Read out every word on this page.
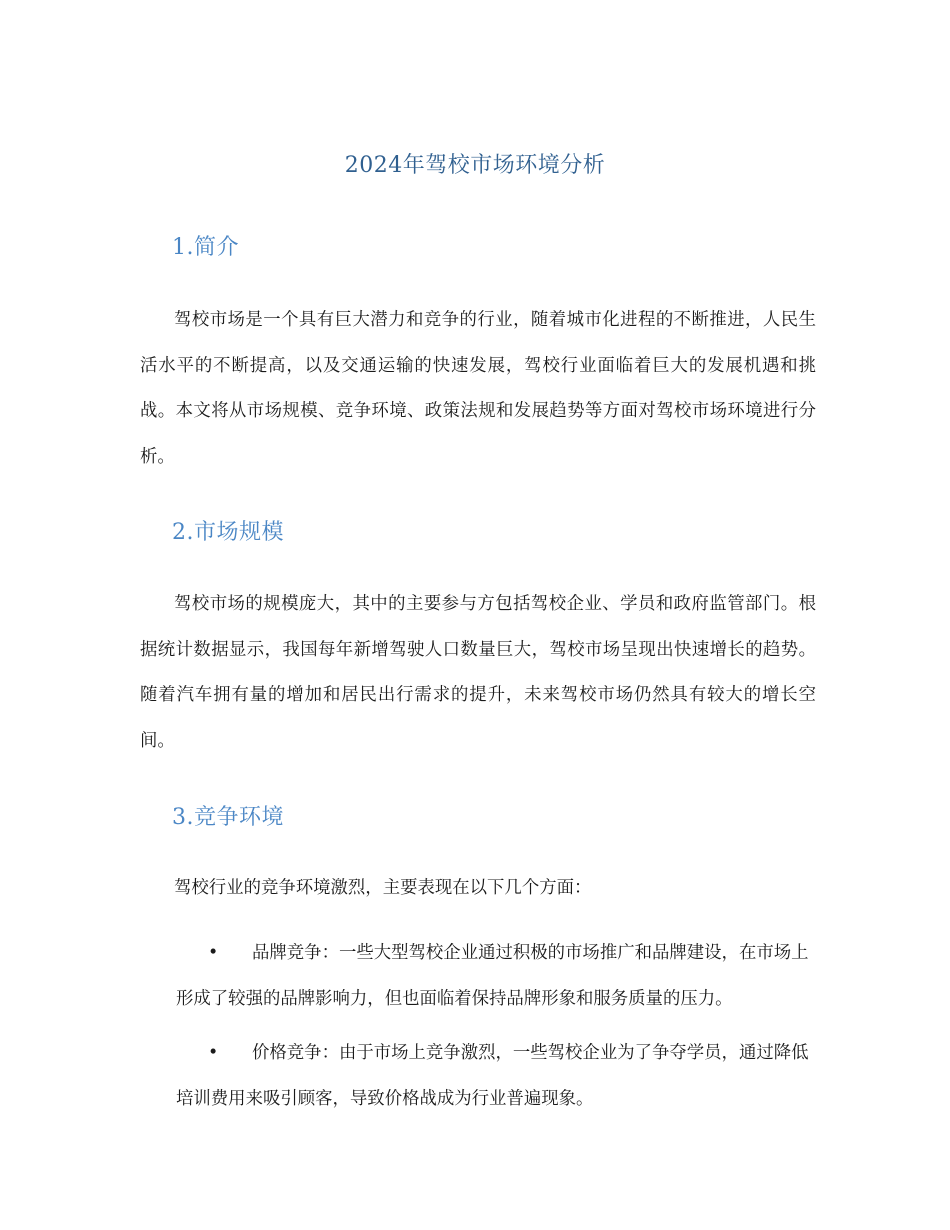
2024年驾校市场环境分析
1.简介

驾校市场是一个具有巨大潜力和竞争的行业，随着城市化进程的不断推进，人民生活水平的不断提高，以及交通运输的快速发展，驾校行业面临着巨大的发展机遇和挑战。本文将从市场规模、竞争环境、政策法规和发展趋势等方面对驾校市场环境进行分析。

2.市场规模

驾校市场的规模庞大，其中的主要参与方包括驾校企业、学员和政府监管部门。根据统计数据显示，我国每年新增驾驶人口数量巨大，驾校市场呈现出快速增长的趋势。随着汽车拥有量的增加和居民出行需求的提升，未来驾校市场仍然具有较大的增长空间。

3.竞争环境

驾校行业的竞争环境激烈，主要表现在以下几个方面：

• 品牌竞争：一些大型驾校企业通过积极的市场推广和品牌建设，在市场上形成了较强的品牌影响力，但也面临着保持品牌形象和服务质量的压力。
• 价格竞争：由于市场上竞争激烈，一些驾校企业为了争夺学员，通过降低培训费用来吸引顾客，导致价格战成为行业普遍现象。
